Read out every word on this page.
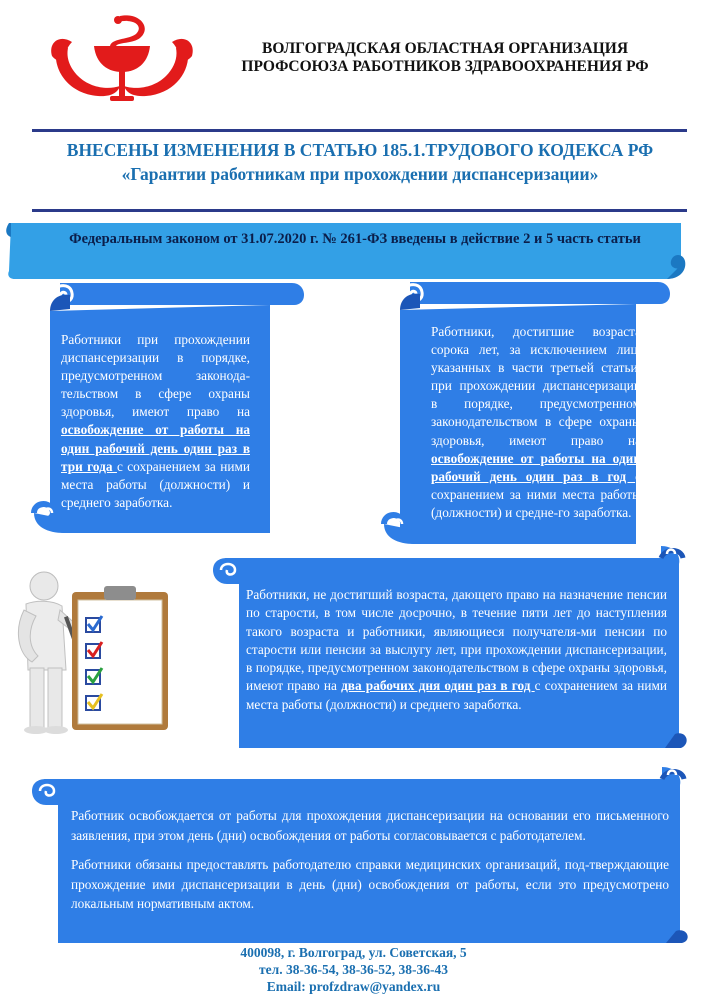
ВОЛГОГРАДСКАЯ ОБЛАСТНАЯ ОРГАНИЗАЦИЯ
ПРОФСОЮЗА РАБОТНИКОВ ЗДРАВООХРАНЕНИЯ РФ
ВНЕСЕНЫ ИЗМЕНЕНИЯ В СТАТЬЮ 185.1.ТРУДОВОГО КОДЕКСА РФ
«Гарантии работникам при прохождении диспансеризации»
Федеральным законом от 31.07.2020 г. № 261-ФЗ введены в действие 2 и 5 часть статьи
Работники при прохождении диспансеризации в порядке, предусмотренном законода-тельством в сфере охраны здоровья, имеют право на освобождение от работы на один рабочий день один раз в три года с сохранением за ними места работы (должности) и среднего заработка.
Работники, достигшие возраста сорока лет, за исключением лиц, указанных в части третьей статьи, при прохождении диспансеризации в порядке, предусмотренном законодательством в сфере охраны здоровья, имеют право на освобождение от работы на один рабочий день один раз в год с сохранением за ними места работы (должности) и средне-го заработка.
Работники, не достигший возраста, дающего право на назначение пенсии по старости, в том числе досрочно, в течение пяти лет до наступления такого возраста и работники, являющиеся получателя-ми пенсии по старости или пенсии за выслугу лет, при прохождении диспансеризации, в порядке, предусмотренном законодательством в сфере охраны здоровья, имеют право на два рабочих дня один раз в год с сохранением за ними места работы (должности) и среднего заработка.

Работник освобождается от работы для прохождения диспансеризации на основании его письменного заявления, при этом день (дни) освобождения от работы согласовывается с работодателем.

Работники обязаны предоставлять работодателю справки медицинских организаций, под-тверждающие прохождение ими диспансеризации в день (дни) освобождения от работы, если это предусмотрено локальным нормативным актом.

400098, г. Волгоград, ул. Советская, 5
тел. 38-36-54, 38-36-52, 38-36-43
Email: profzdraw@yandex.ru
